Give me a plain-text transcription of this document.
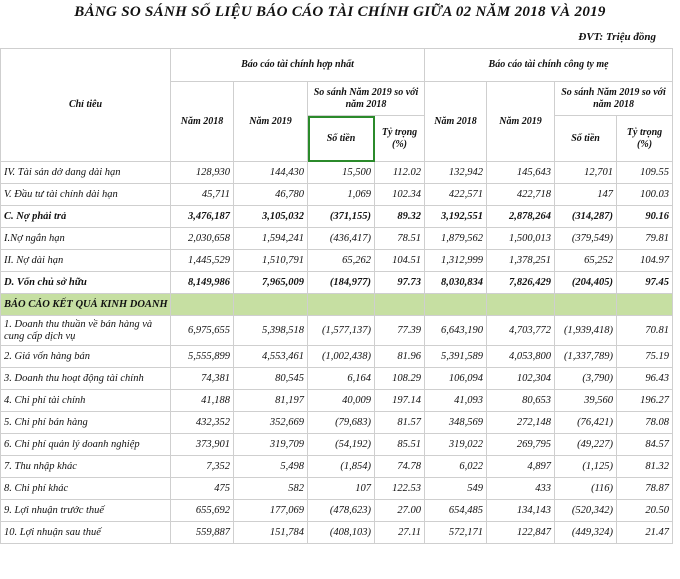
BẢNG SO SÁNH SỐ LIỆU BÁO CÁO TÀI CHÍNH GIỮA 02 NĂM 2018 VÀ 2019
ĐVT: Triệu đồng
Chỉ tiêu	Báo cáo tài chính hợp nhất				Báo cáo tài chính công ty mẹ			
	Năm 2018	Năm 2019	So sánh Năm 2019 so với năm 2018		Năm 2018	Năm 2019	So sánh Năm 2019 so với năm 2018	
			Số tiền	Tỷ trọng (%)			Số tiền	Tỷ trọng (%)
IV. Tài sản dở dang dài hạn	128,930	144,430	15,500	112.02	132,942	145,643	12,701	109.55
V. Đầu tư tài chính dài hạn	45,711	46,780	1,069	102.34	422,571	422,718	147	100.03
C. Nợ phải trả	3,476,187	3,105,032	(371,155)	89.32	3,192,551	2,878,264	(314,287)	90.16
I.Nợ ngắn hạn	2,030,658	1,594,241	(436,417)	78.51	1,879,562	1,500,013	(379,549)	79.81
II. Nợ dài hạn	1,445,529	1,510,791	65,262	104.51	1,312,999	1,378,251	65,252	104.97
D. Vốn chủ sở hữu	8,149,986	7,965,009	(184,977)	97.73	8,030,834	7,826,429	(204,405)	97.45
BÁO CÁO KẾT QUẢ KINH DOANH								
1. Doanh thu thuần về bán hàng và cung cấp dịch vụ	6,975,655	5,398,518	(1,577,137)	77.39	6,643,190	4,703,772	(1,939,418)	70.81
2. Giá vốn hàng bán	5,555,899	4,553,461	(1,002,438)	81.96	5,391,589	4,053,800	(1,337,789)	75.19
3. Doanh thu hoạt động tài chính	74,381	80,545	6,164	108.29	106,094	102,304	(3,790)	96.43
4. Chi phí tài chính	41,188	81,197	40,009	197.14	41,093	80,653	39,560	196.27
5. Chi phí bán hàng	432,352	352,669	(79,683)	81.57	348,569	272,148	(76,421)	78.08
6. Chi phí quản lý doanh nghiệp	373,901	319,709	(54,192)	85.51	319,022	269,795	(49,227)	84.57
7. Thu nhập khác	7,352	5,498	(1,854)	74.78	6,022	4,897	(1,125)	81.32
8. Chi phí khác	475	582	107	122.53	549	433	(116)	78.87
9. Lợi nhuận trước thuế	655,692	177,069	(478,623)	27.00	654,485	134,143	(520,342)	20.50
10. Lợi nhuận sau thuế	559,887	151,784	(408,103)	27.11	572,171	122,847	(449,324)	21.47
